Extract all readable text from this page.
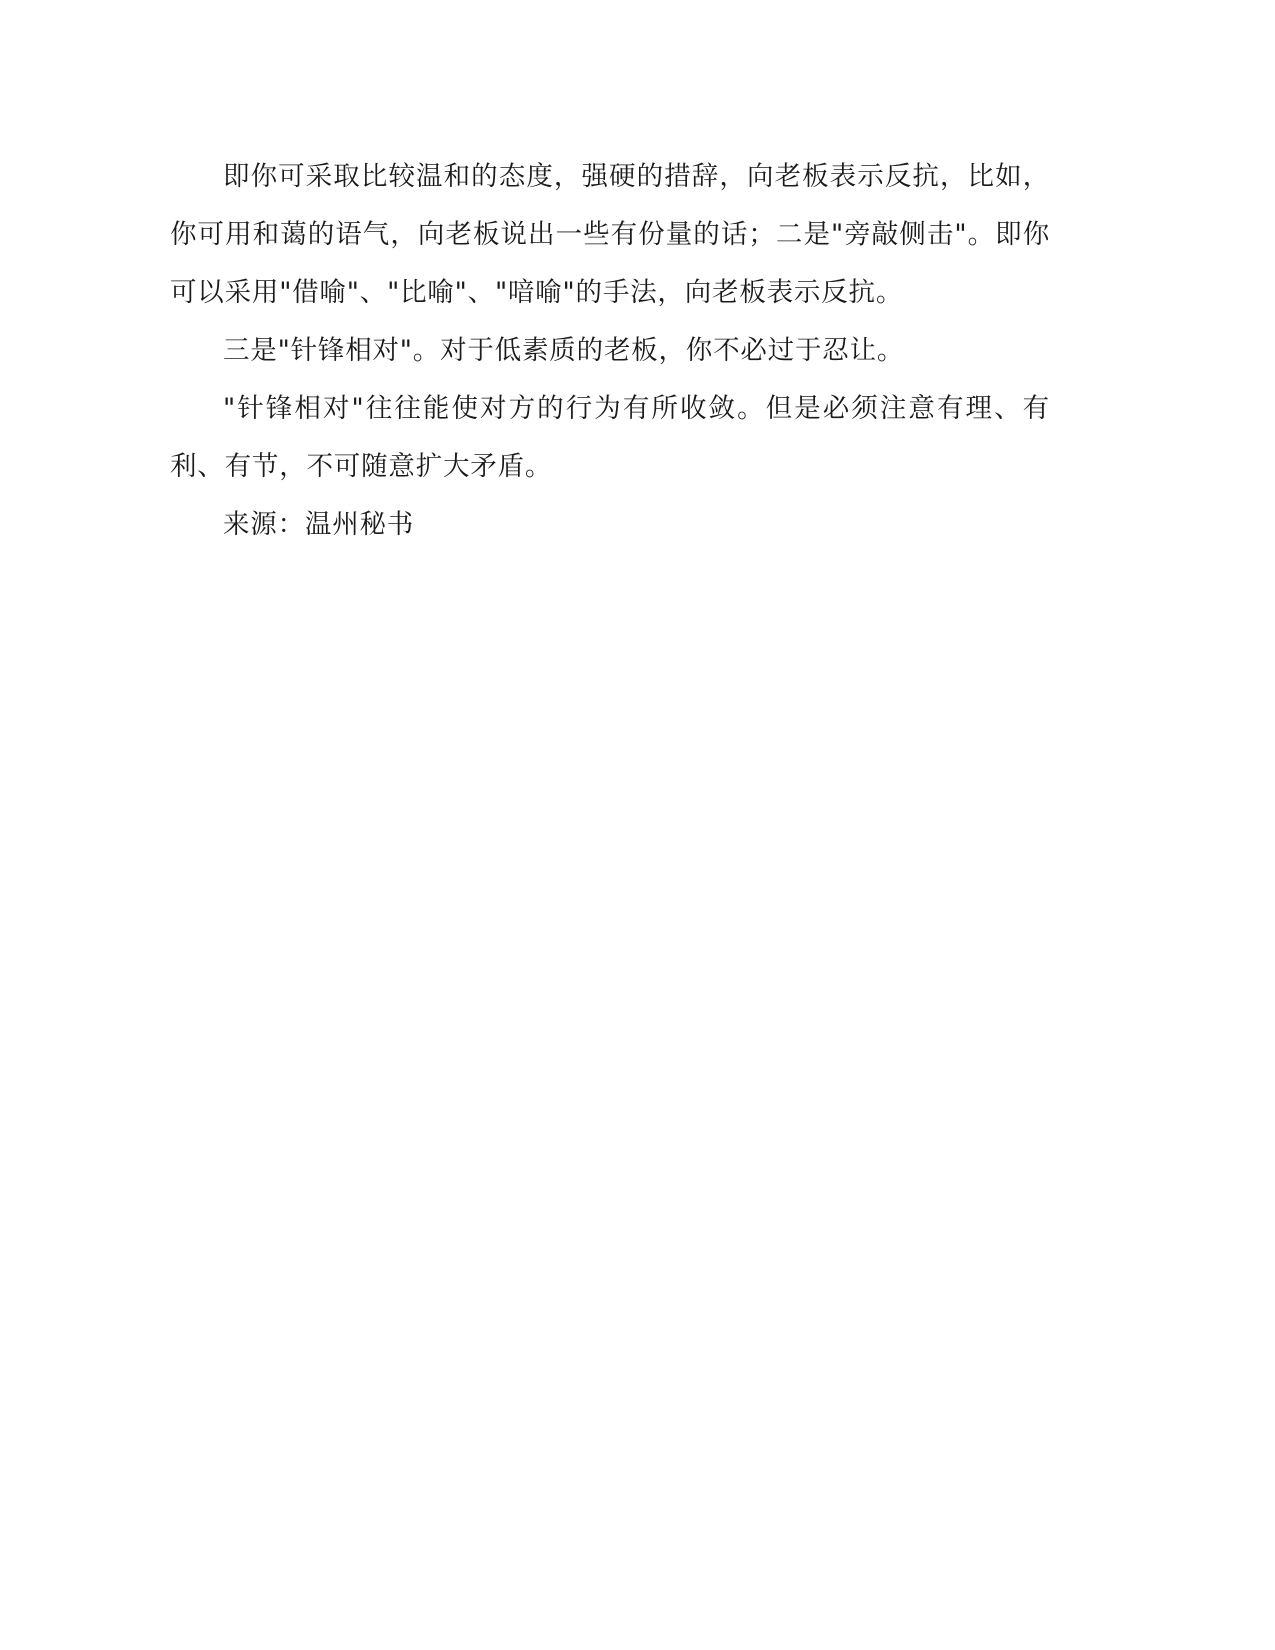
即你可采取比较温和的态度，强硬的措辞，向老板表示反抗，比如，你可用和蔼的语气，向老板说出一些有份量的话；二是"旁敲侧击"。即你可以采用"借喻"、"比喻"、"喑喻"的手法，向老板表示反抗。

三是"针锋相对"。对于低素质的老板，你不必过于忍让。

"针锋相对"往往能使对方的行为有所收敛。但是必须注意有理、有利、有节，不可随意扩大矛盾。

来源：温州秘书
